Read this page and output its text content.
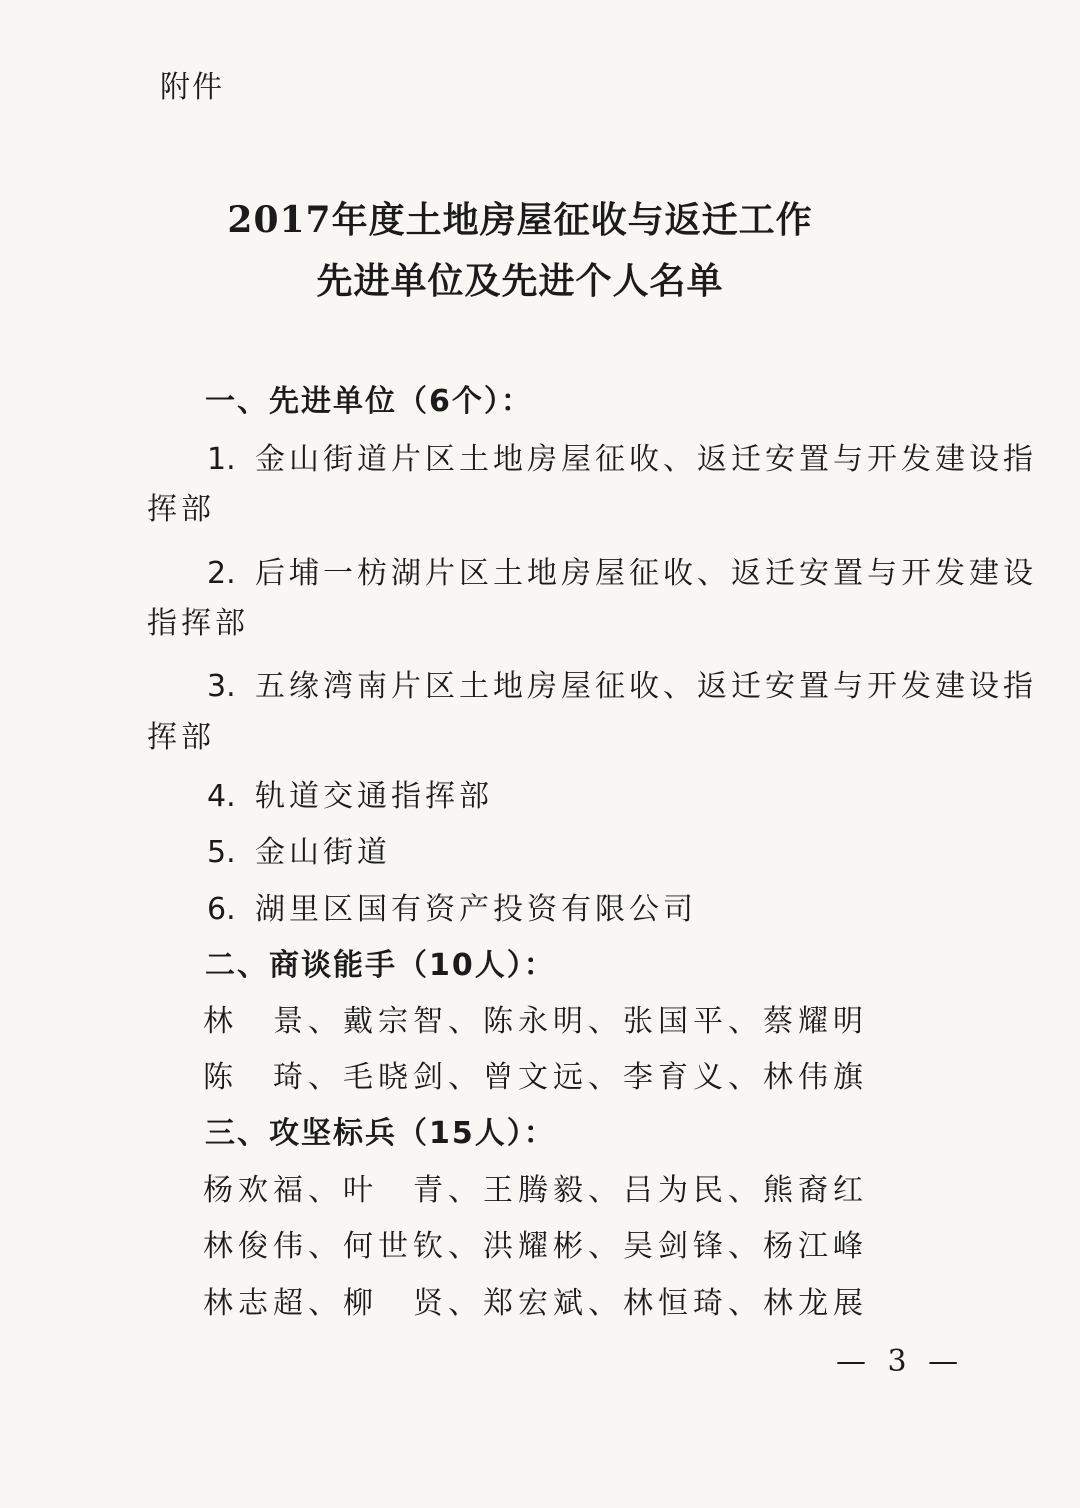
附件
2017年度土地房屋征收与返迁工作
先进单位及先进个人名单
一、先进单位（6个）：
1. 金山街道片区土地房屋征收、返迁安置与开发建设指
挥部
2. 后埔一枋湖片区土地房屋征收、返迁安置与开发建设
指挥部
3. 五缘湾南片区土地房屋征收、返迁安置与开发建设指
挥部
4. 轨道交通指挥部
5. 金山街道
6. 湖里区国有资产投资有限公司
二、商谈能手（10人）：
林　景、戴宗智、陈永明、张国平、蔡耀明
陈　琦、毛晓剑、曾文远、李育义、林伟旗
三、攻坚标兵（15人）：
杨欢福、叶　青、王腾毅、吕为民、熊裔红
林俊伟、何世钦、洪耀彬、吴剑锋、杨江峰
林志超、柳　贤、郑宏斌、林恒琦、林龙展
— 3 —
